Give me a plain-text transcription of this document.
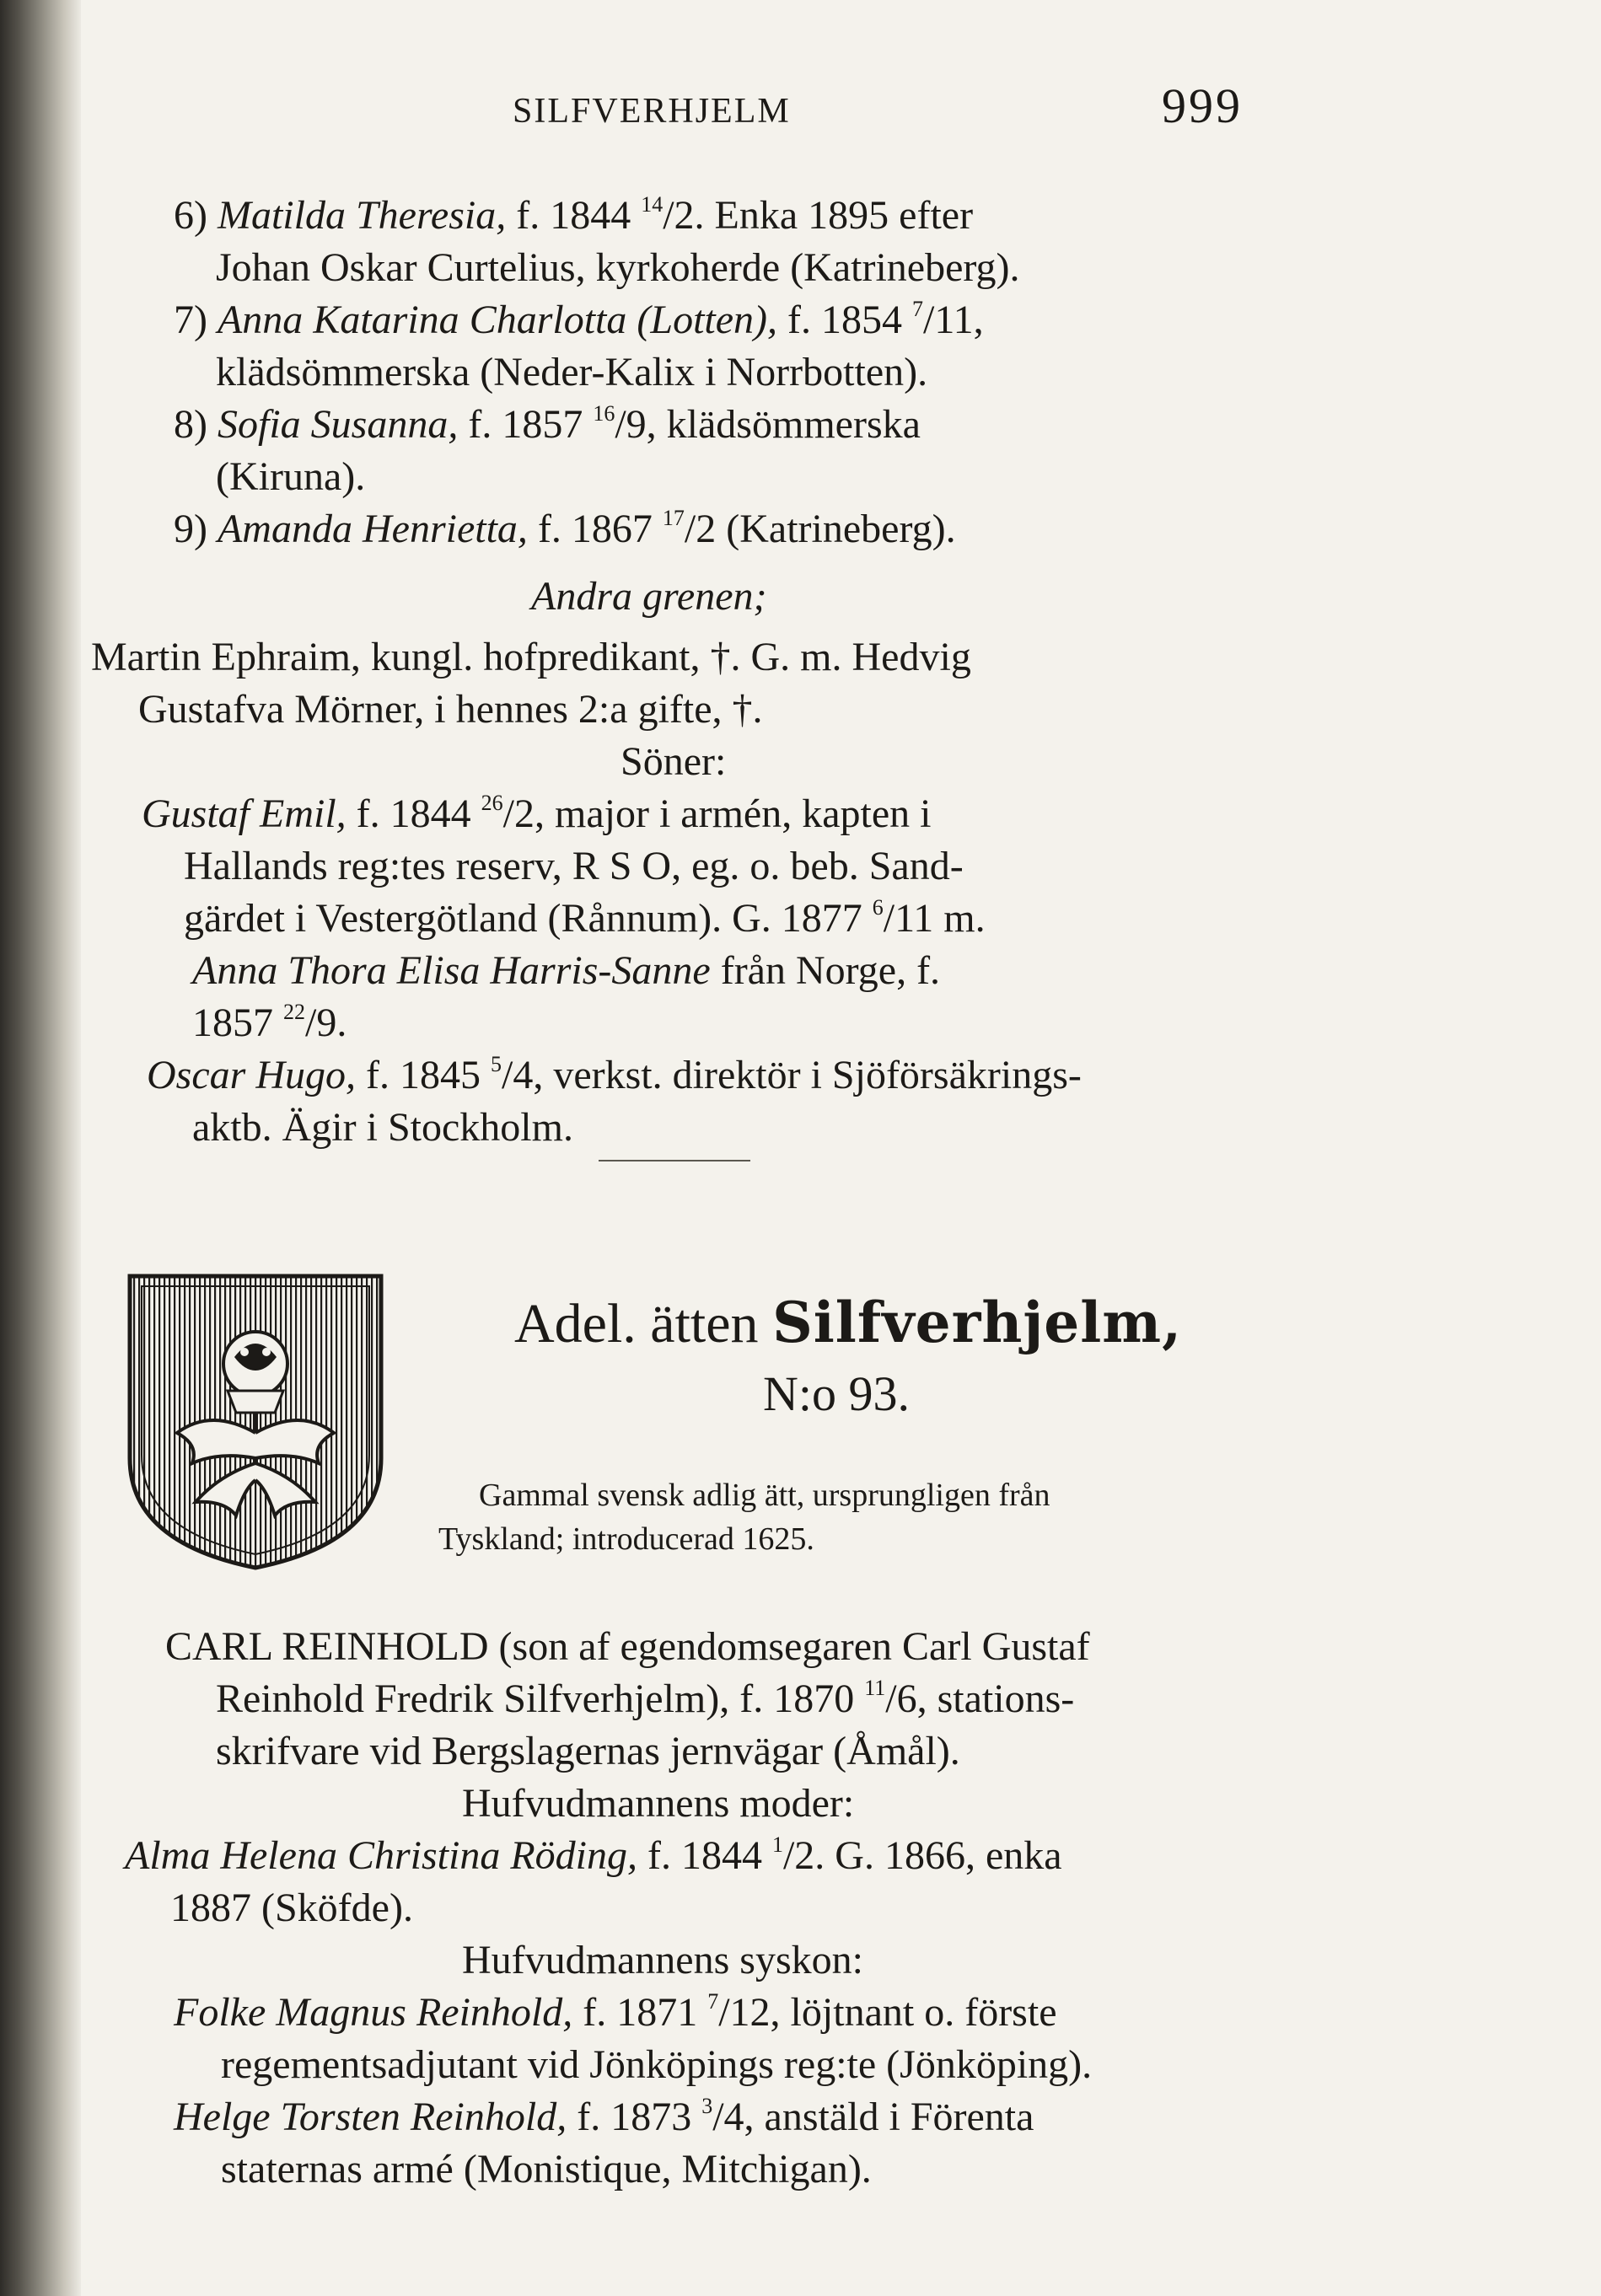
SILFVERHJELM	999
6) Matilda Theresia, f. 1844 $^{14}$/2. Enka 1895 efter
Johan Oskar Curtelius, kyrkoherde (Katrineberg).
7) Anna Katarina Charlotta (Lotten), f. 1854 $^7$/11,
klädsömmerska (Neder-Kalix i Norrbotten).
8) Sofia Susanna, f. 1857 $^{16}$/9, klädsömmerska
(Kiruna).
9) Amanda Henrietta, f. 1867 $^{17}$/2 (Katrineberg).
Andra grenen;
Martin Ephraim, kungl. hofpredikant, †. G. m. Hedvig
Gustafva Mörner, i hennes 2:a gifte, †.
Söner:
Gustaf Emil, f. 1844 $^{26}$/2, major i armén, kapten i
Hallands reg:tes reserv, R S O, eg. o. beb. Sand-
gärdet i Vestergötland (Rånnum). G. 1877 $^6$/11 m.
Anna Thora Elisa Harris-Sanne från Norge, f.
1857 $^{22}$/9.
Oscar Hugo, f. 1845 $^5$/4, verkst. direktör i Sjöförsäkrings-
aktb. Ägir i Stockholm.
Gammal svensk adlig ätt, ursprungligen från
Tyskland; introducerad 1625.
CARL REINHOLD (son af egendomsegaren Carl Gustaf
Reinhold Fredrik Silfverhjelm), f. 1870 $^{11}$/6, stations-
skrifvare vid Bergslagernas jernvägar (Åmål).
Hufvudmannens moder:
Alma Helena Christina Röding, f. 1844 $^1$/2. G. 1866, enka
1887 (Sköfde).
Hufvudmannens syskon:
Folke Magnus Reinhold, f. 1871 $^7$/12, löjtnant o. förste
regementsadjutant vid Jönköpings reg:te (Jönköping).
Helge Torsten Reinhold, f. 1873 $^3$/4, anstäld i Förenta
staternas armé (Monistique, Mitchigan).
Adel. ätten Silfverhjelm,
N:o 93.
